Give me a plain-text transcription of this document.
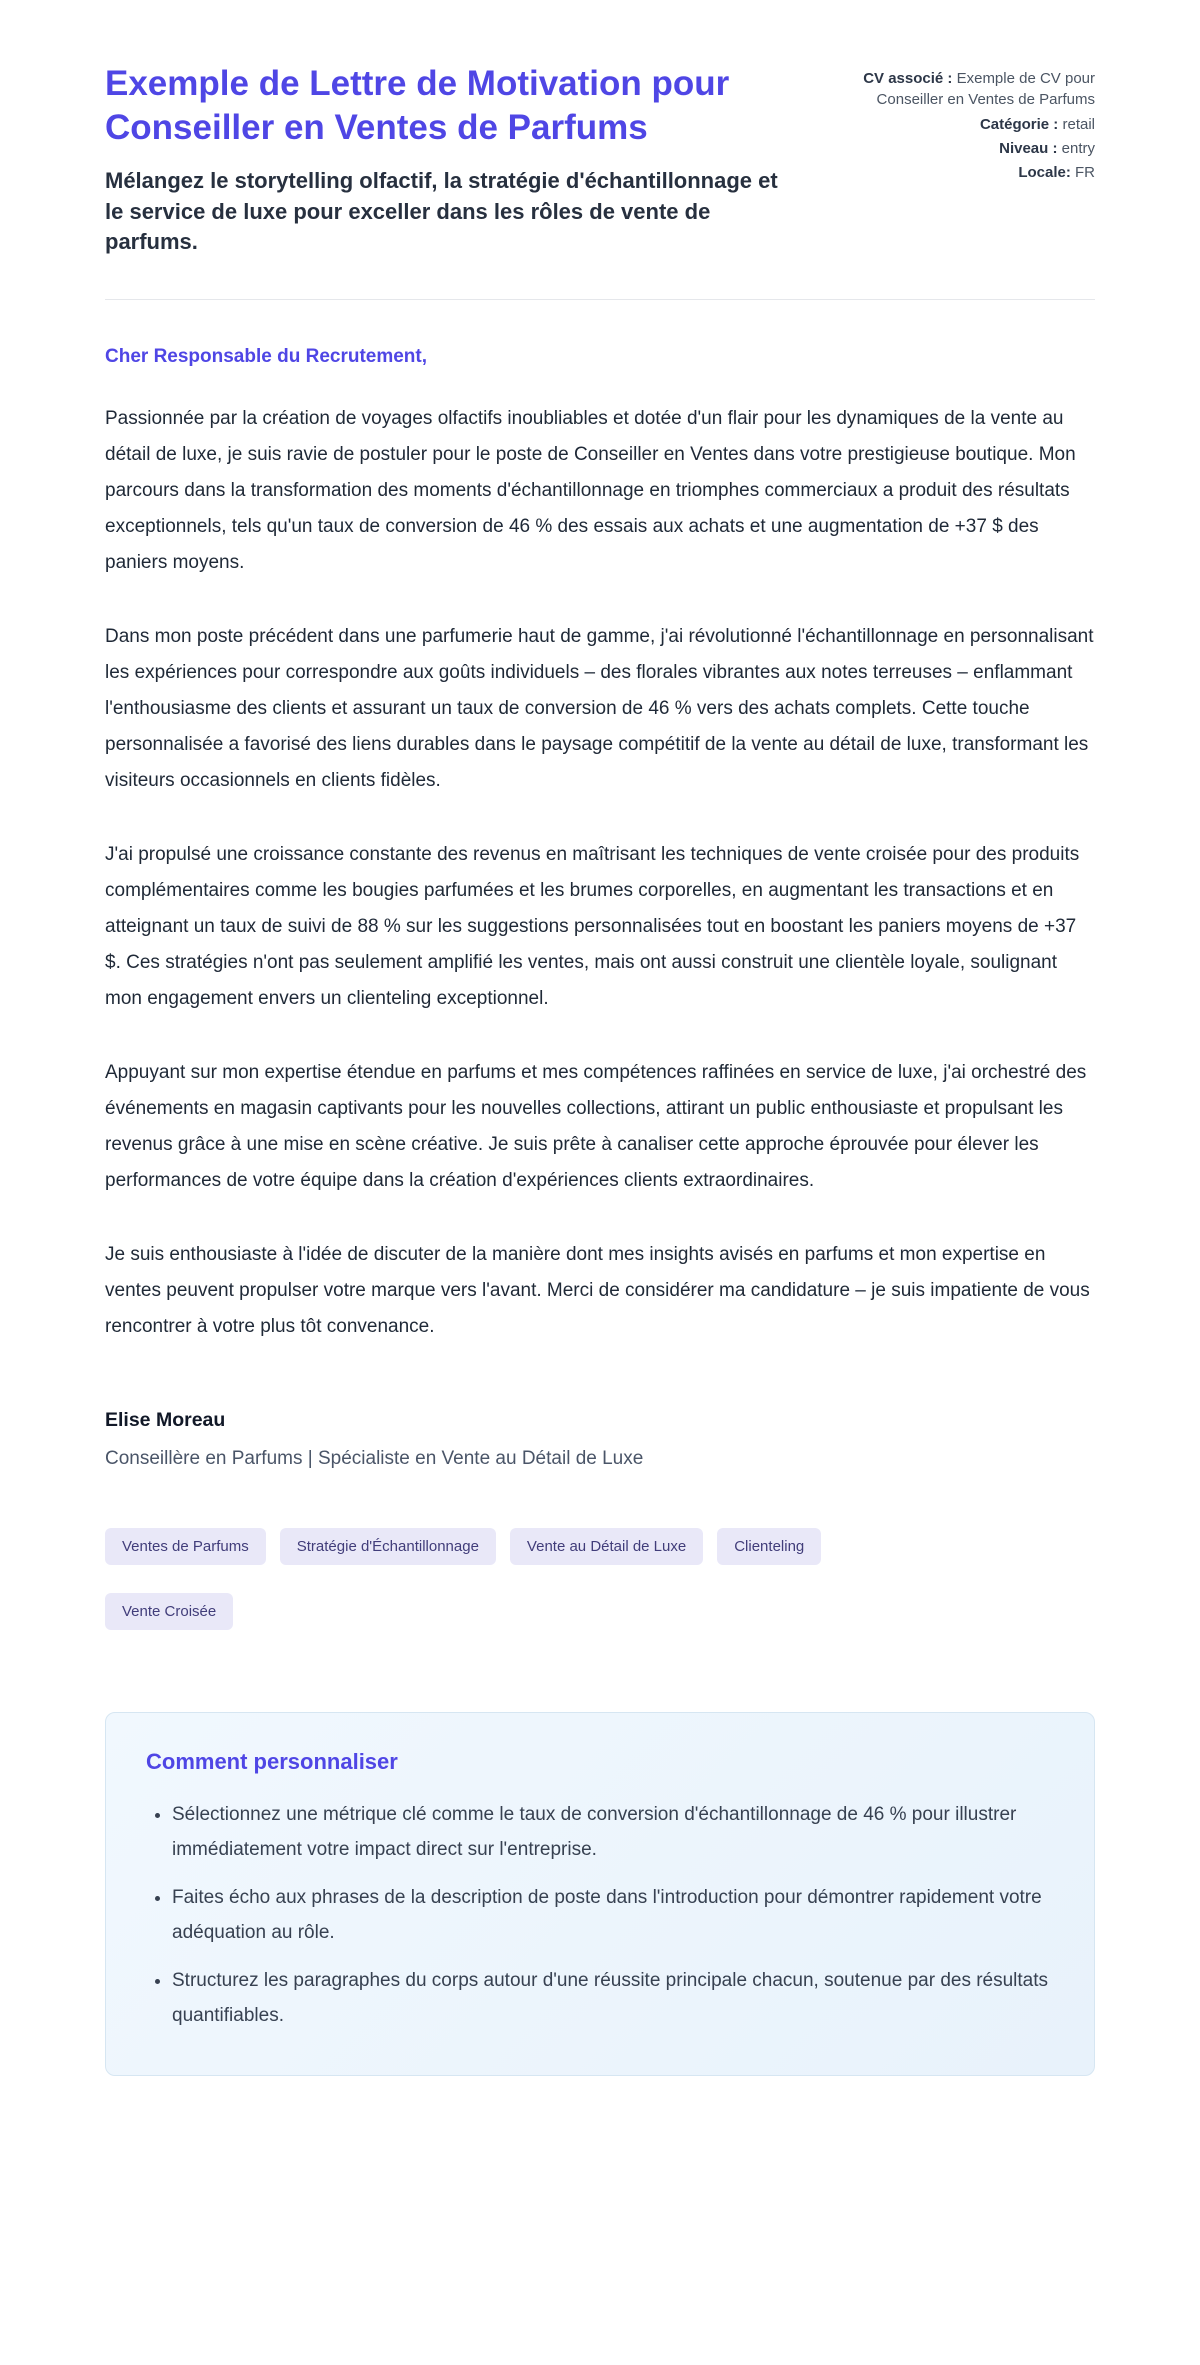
Exemple de Lettre de Motivation pour Conseiller en Ventes de Parfums

Mélangez le storytelling olfactif, la stratégie d'échantillonnage et le service de luxe pour exceller dans les rôles de vente de parfums.

CV associé : Exemple de CV pour Conseiller en Ventes de Parfums
Catégorie : retail
Niveau : entry
Locale: FR

Cher Responsable du Recrutement,

Passionnée par la création de voyages olfactifs inoubliables et dotée d'un flair pour les dynamiques de la vente au détail de luxe, je suis ravie de postuler pour le poste de Conseiller en Ventes dans votre prestigieuse boutique. Mon parcours dans la transformation des moments d'échantillonnage en triomphes commerciaux a produit des résultats exceptionnels, tels qu'un taux de conversion de 46 % des essais aux achats et une augmentation de +37 $ des paniers moyens.

Dans mon poste précédent dans une parfumerie haut de gamme, j'ai révolutionné l'échantillonnage en personnalisant les expériences pour correspondre aux goûts individuels – des florales vibrantes aux notes terreuses – enflammant l'enthousiasme des clients et assurant un taux de conversion de 46 % vers des achats complets. Cette touche personnalisée a favorisé des liens durables dans le paysage compétitif de la vente au détail de luxe, transformant les visiteurs occasionnels en clients fidèles.

J'ai propulsé une croissance constante des revenus en maîtrisant les techniques de vente croisée pour des produits complémentaires comme les bougies parfumées et les brumes corporelles, en augmentant les transactions et en atteignant un taux de suivi de 88 % sur les suggestions personnalisées tout en boostant les paniers moyens de +37 $. Ces stratégies n'ont pas seulement amplifié les ventes, mais ont aussi construit une clientèle loyale, soulignant mon engagement envers un clienteling exceptionnel.

Appuyant sur mon expertise étendue en parfums et mes compétences raffinées en service de luxe, j'ai orchestré des événements en magasin captivants pour les nouvelles collections, attirant un public enthousiaste et propulsant les revenus grâce à une mise en scène créative. Je suis prête à canaliser cette approche éprouvée pour élever les performances de votre équipe dans la création d'expériences clients extraordinaires.

Je suis enthousiaste à l'idée de discuter de la manière dont mes insights avisés en parfums et mon expertise en ventes peuvent propulser votre marque vers l'avant. Merci de considérer ma candidature – je suis impatiente de vous rencontrer à votre plus tôt convenance.

Elise Moreau

Conseillère en Parfums | Spécialiste en Vente au Détail de Luxe

Ventes de Parfums	Stratégie d'Échantillonnage	Vente au Détail de Luxe	Clienteling
Vente Croisée
Comment personnaliser
• Sélectionnez une métrique clé comme le taux de conversion d'échantillonnage de 46 % pour illustrer immédiatement votre impact direct sur l'entreprise.
• Faites écho aux phrases de la description de poste dans l'introduction pour démontrer rapidement votre adéquation au rôle.
• Structurez les paragraphes du corps autour d'une réussite principale chacun, soutenue par des résultats quantifiables.
